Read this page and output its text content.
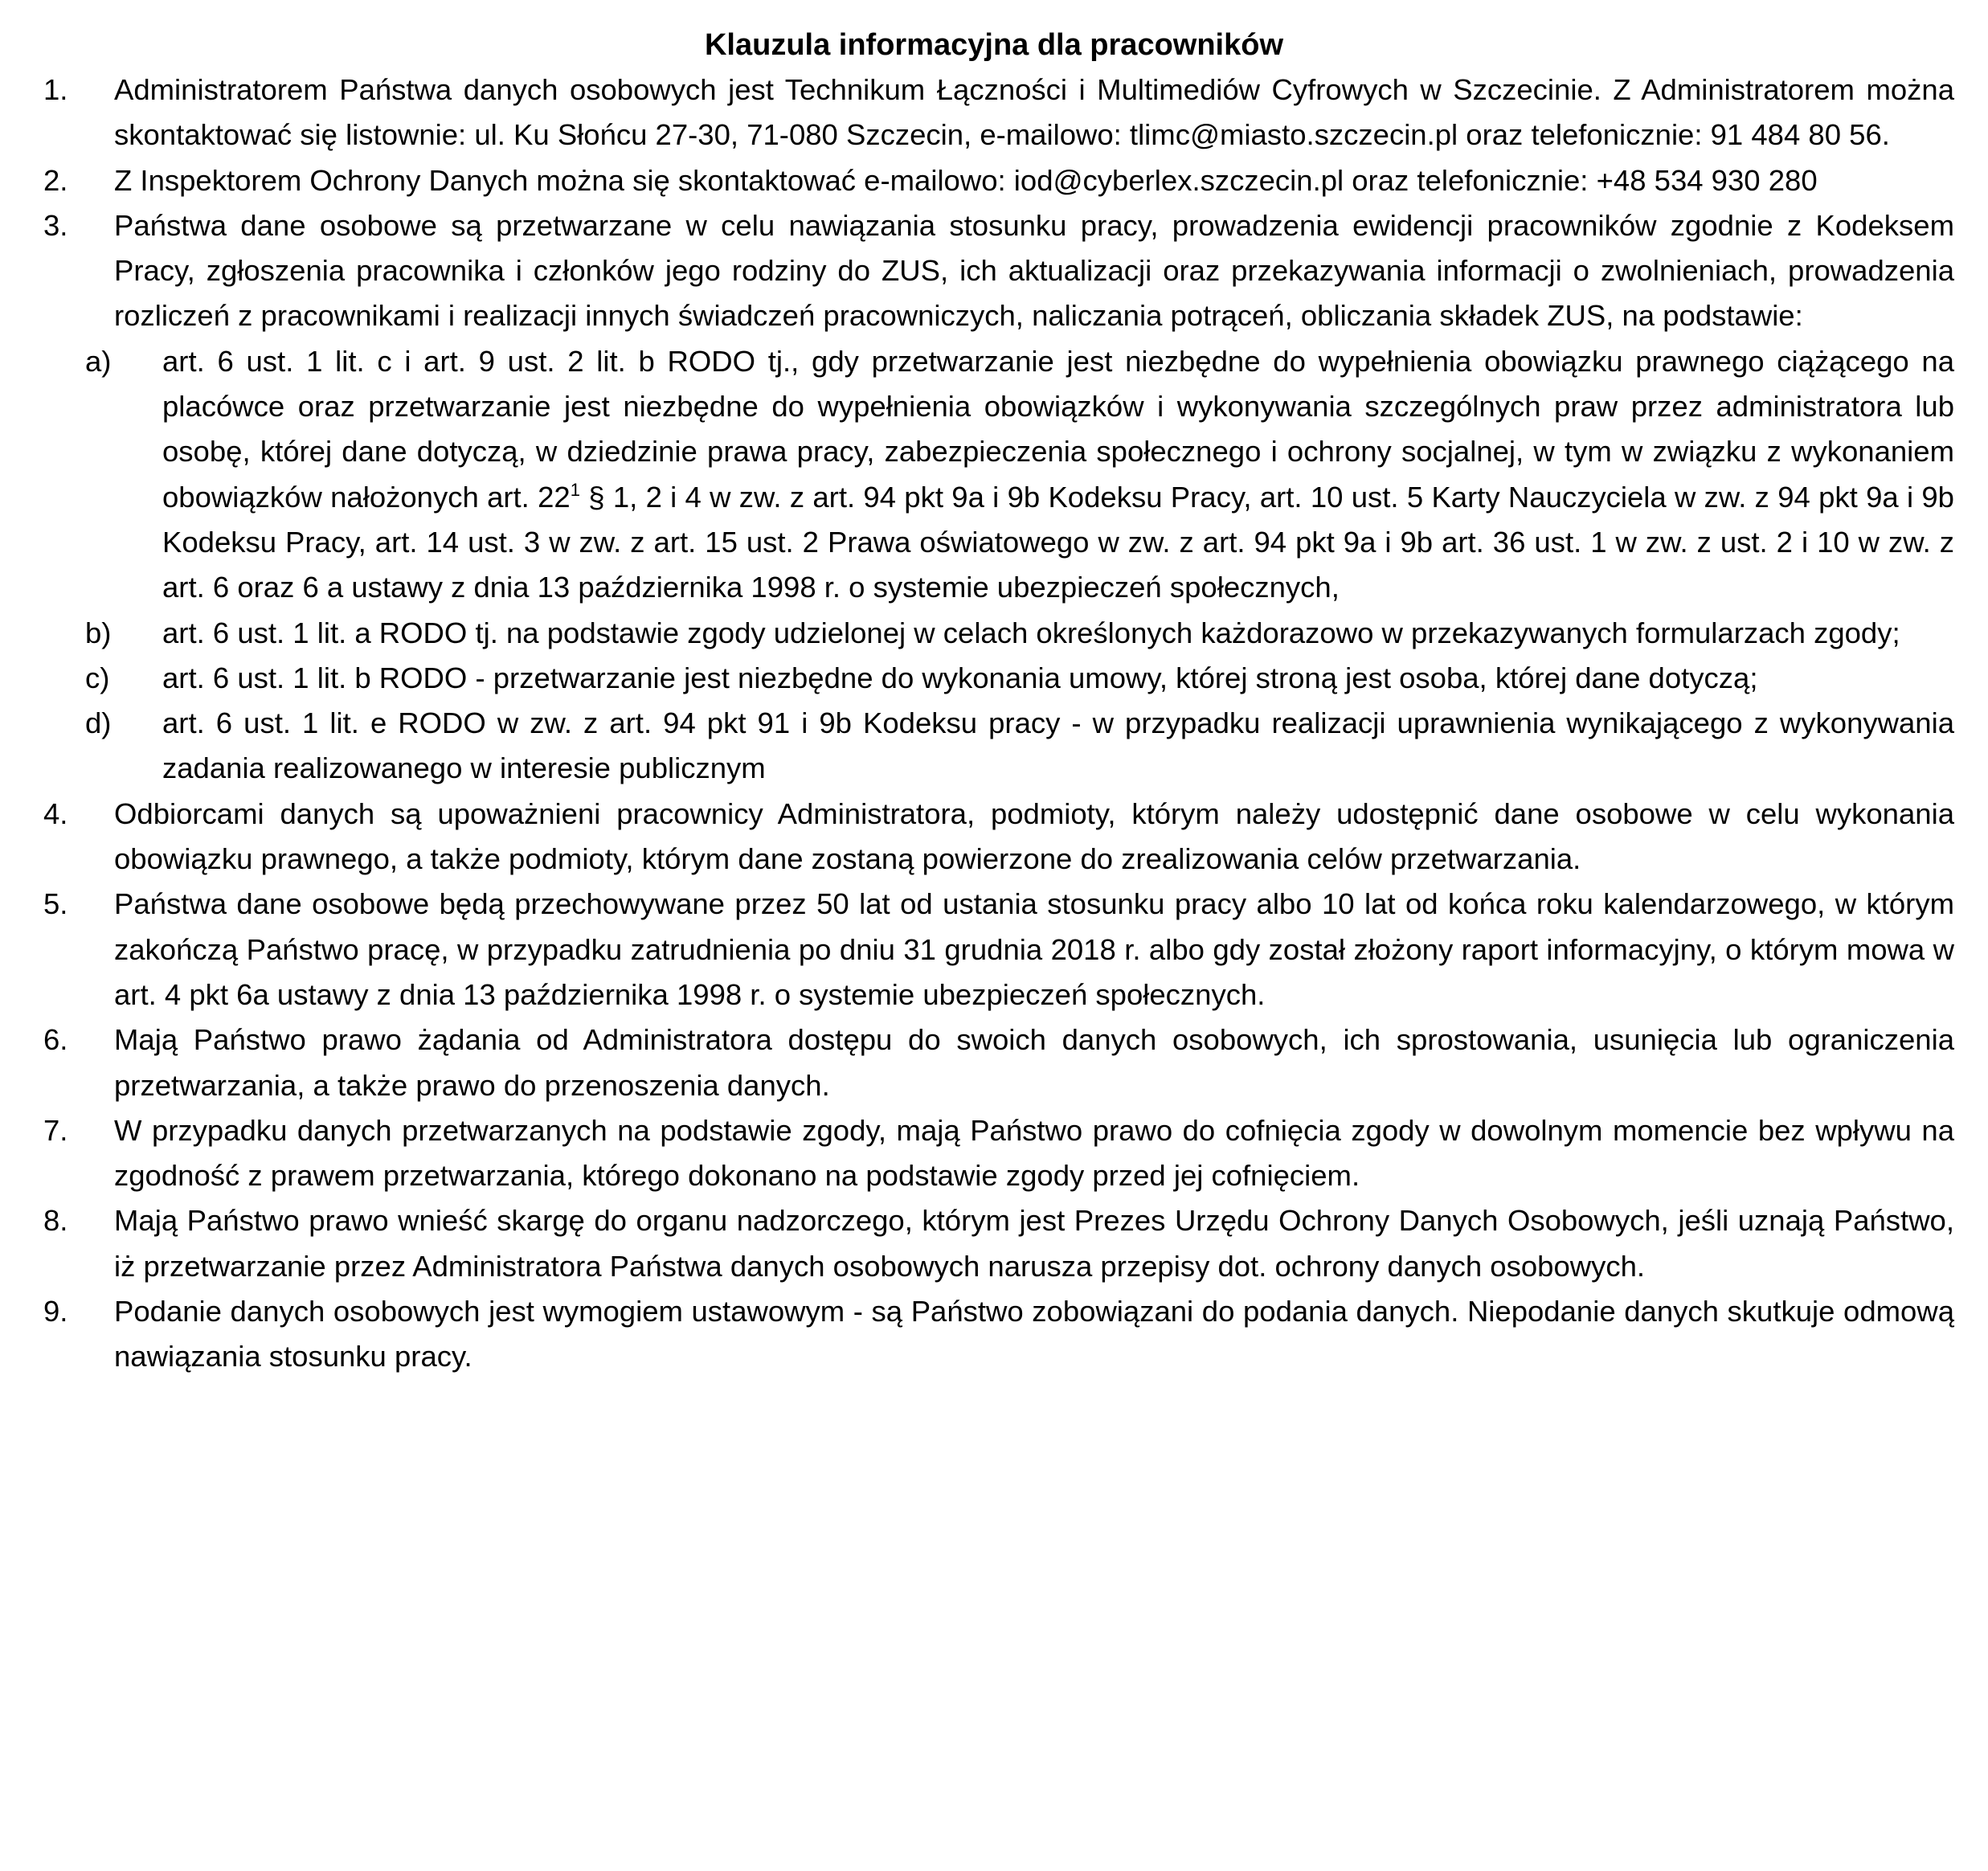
Klauzula informacyjna dla pracowników
1. Administratorem Państwa danych osobowych jest Technikum Łączności i Multimediów Cyfrowych w Szczecinie. Z Administratorem można skontaktować się listownie: ul. Ku Słońcu 27-30, 71-080 Szczecin, e-mailowo: tlimc@miasto.szczecin.pl oraz telefonicznie: 91 484 80 56.
2. Z Inspektorem Ochrony Danych można się skontaktować e-mailowo: iod@cyberlex.szczecin.pl oraz telefonicznie: +48 534 930 280
3. Państwa dane osobowe są przetwarzane w celu nawiązania stosunku pracy, prowadzenia ewidencji pracowników zgodnie z Kodeksem Pracy, zgłoszenia pracownika i członków jego rodziny do ZUS, ich aktualizacji oraz przekazywania informacji o zwolnieniach, prowadzenia rozliczeń z pracownikami i realizacji innych świadczeń pracowniczych, naliczania potrąceń, obliczania składek ZUS, na podstawie:
a) art. 6 ust. 1 lit. c i art. 9 ust. 2 lit. b RODO tj., gdy przetwarzanie jest niezbędne do wypełnienia obowiązku prawnego ciążącego na placówce oraz przetwarzanie jest niezbędne do wypełnienia obowiązków i wykonywania szczególnych praw przez administratora lub osobę, której dane dotyczą, w dziedzinie prawa pracy, zabezpieczenia społecznego i ochrony socjalnej, w tym w związku z wykonaniem obowiązków nałożonych art. $22^1$ § 1, 2 i 4 w zw. z art. 94 pkt 9a i 9b Kodeksu Pracy, art. 10 ust. 5 Karty Nauczyciela w zw. z 94 pkt 9a i 9b Kodeksu Pracy, art. 14 ust. 3 w zw. z art. 15 ust. 2 Prawa oświatowego w zw. z art. 94 pkt 9a i 9b art. 36 ust. 1 w zw. z ust. 2 i 10 w zw. z art. 6 oraz 6 a ustawy z dnia 13 października 1998 r. o systemie ubezpieczeń społecznych,
b) art. 6 ust. 1 lit. a RODO tj. na podstawie zgody udzielonej w celach określonych każdorazowo w przekazywanych formularzach zgody;
c) art. 6 ust. 1 lit. b RODO - przetwarzanie jest niezbędne do wykonania umowy, której stroną jest osoba, której dane dotyczą;
d) art. 6 ust. 1 lit. e RODO w zw. z art. 94 pkt 91 i 9b Kodeksu pracy - w przypadku realizacji uprawnienia wynikającego z wykonywania zadania realizowanego w interesie publicznym
4. Odbiorcami danych są upoważnieni pracownicy Administratora, podmioty, którym należy udostępnić dane osobowe w celu wykonania obowiązku prawnego, a także podmioty, którym dane zostaną powierzone do zrealizowania celów przetwarzania.
5. Państwa dane osobowe będą przechowywane przez 50 lat od ustania stosunku pracy albo 10 lat od końca roku kalendarzowego, w którym zakończą Państwo pracę, w przypadku zatrudnienia po dniu 31 grudnia 2018 r. albo gdy został złożony raport informacyjny, o którym mowa w art. 4 pkt 6a ustawy z dnia 13 października 1998 r. o systemie ubezpieczeń społecznych.
6. Mają Państwo prawo żądania od Administratora dostępu do swoich danych osobowych, ich sprostowania, usunięcia lub ograniczenia przetwarzania, a także prawo do przenoszenia danych.
7. W przypadku danych przetwarzanych na podstawie zgody, mają Państwo prawo do cofnięcia zgody w dowolnym momencie bez wpływu na zgodność z prawem przetwarzania, którego dokonano na podstawie zgody przed jej cofnięciem.
8. Mają Państwo prawo wnieść skargę do organu nadzorczego, którym jest Prezes Urzędu Ochrony Danych Osobowych, jeśli uznają Państwo, iż przetwarzanie przez Administratora Państwa danych osobowych narusza przepisy dot. ochrony danych osobowych.
9. Podanie danych osobowych jest wymogiem ustawowym - są Państwo zobowiązani do podania danych. Niepodanie danych skutkuje odmową nawiązania stosunku pracy.
